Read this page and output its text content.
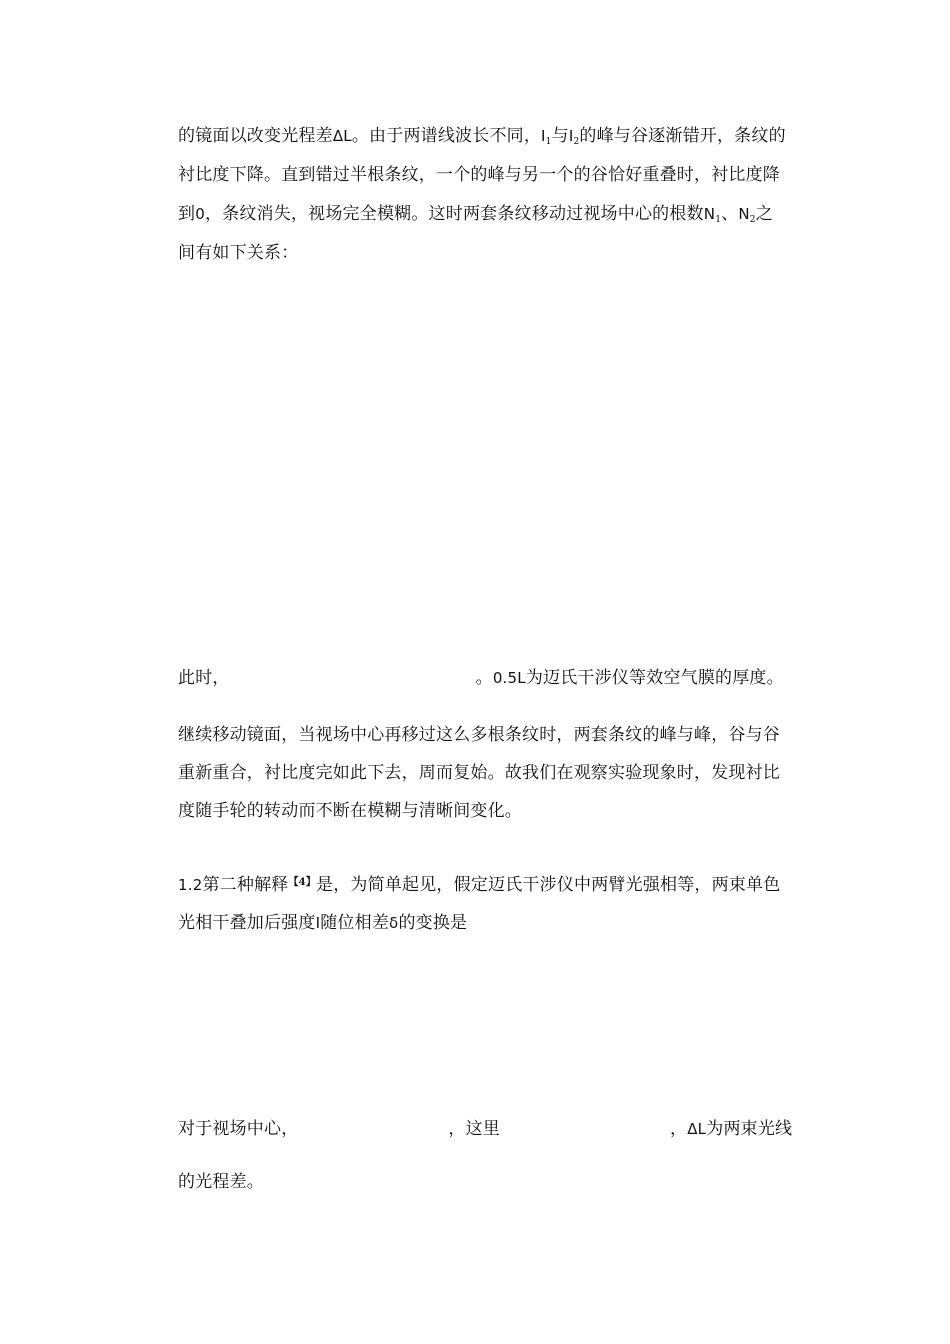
的镜面以改变光程差ΔL。由于两谱线波长不同，$I_1$与$I_2$的峰与谷逐渐错开，条纹的
衬比度下降。直到错过半根条纹，一个的峰与另一个的谷恰好重叠时，衬比度降
到0，条纹消失，视场完全模糊。这时两套条纹移动过视场中心的根数$N_1$、$N_2$之
间有如下关系：
此时，	。0.5L为迈氏干涉仪等效空气膜的厚度。
继续移动镜面，当视场中心再移过这么多根条纹时，两套条纹的峰与峰，谷与谷
重新重合，衬比度完如此下去，周而复始。故我们在观察实验现象时，发现衬比
度随手轮的转动而不断在模糊与清晰间变化。
1.2第二种解释$^{【4】}$是，为简单起见，假定迈氏干涉仪中两臂光强相等，两束单色
光相干叠加后强度I随位相差δ的变换是
对于视场中心，	，这里	，ΔL为两束光线
的光程差。
